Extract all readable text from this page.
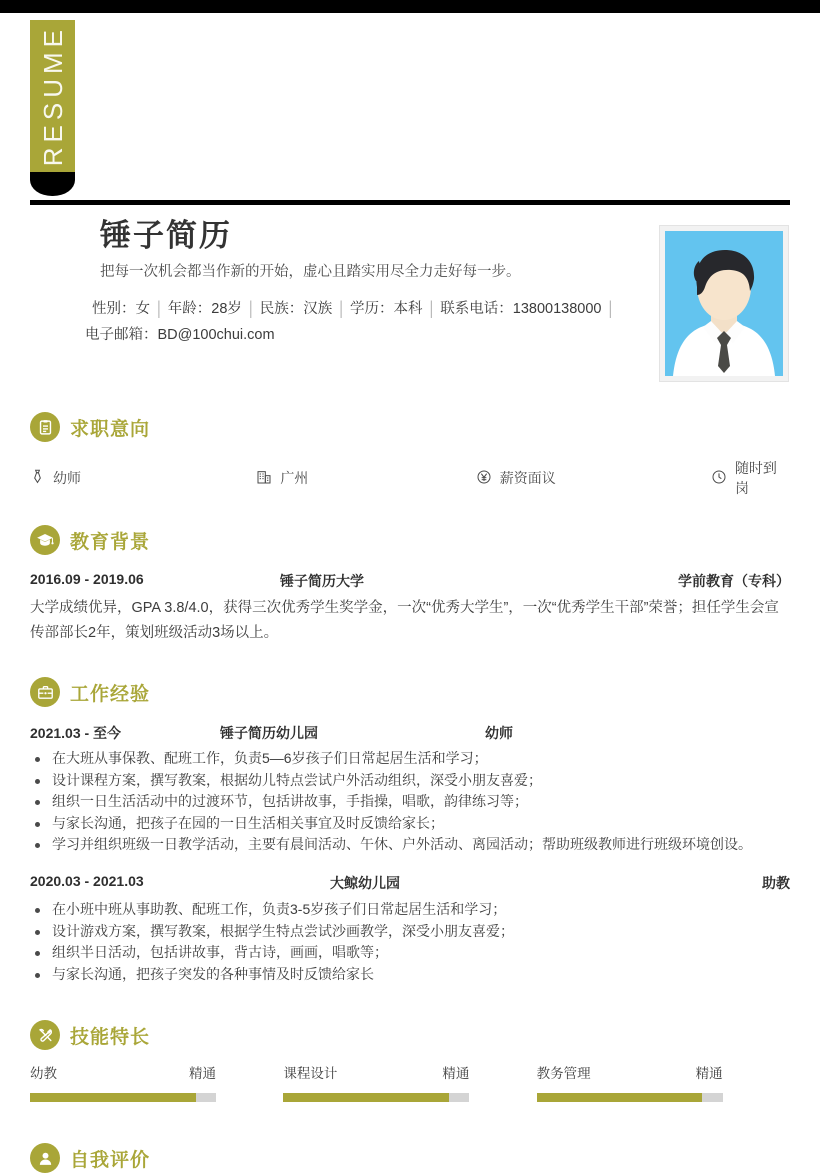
RESUME
锤子简历
把每一次机会都当作新的开始，虚心且踏实用尽全力走好每一步。
性别：女 | 年龄：28岁 | 民族：汉族 | 学历：本科 | 联系电话：13800138000 |
电子邮箱：BD@100chui.com
求职意向
幼师	广州	薪资面议
随时到岗
教育背景
2016.09 - 2019.06	锤子简历大学	学前教育（专科）
大学成绩优异，GPA 3.8/4.0，获得三次优秀学生奖学金，一次“优秀大学生”，一次“优秀学生干部”荣誉；担任学生会宣传部部长2年，策划班级活动3场以上。
工作经验
2021.03 - 至今	锤子简历幼儿园	幼师
在大班从事保教、配班工作，负责5—6岁孩子们日常起居生活和学习；
设计课程方案，撰写教案，根据幼儿特点尝试户外活动组织，深受小朋友喜爱；
组织一日生活活动中的过渡环节，包括讲故事，手指操，唱歌，韵律练习等；
与家长沟通，把孩子在园的一日生活相关事宜及时反馈给家长；
学习并组织班级一日教学活动，主要有晨间活动、午休、户外活动、离园活动；帮助班级教师进行班级环境创设。
2020.03 - 2021.03	大鲸幼儿园	助教
在小班中班从事助教、配班工作，负责3-5岁孩子们日常起居生活和学习；
设计游戏方案，撰写教案，根据学生特点尝试沙画教学，深受小朋友喜爱；
组织半日活动，包括讲故事，背古诗，画画，唱歌等；
与家长沟通，把孩子突发的各种事情及时反馈给家长
技能特长
幼教	精通	课程设计	精通	教务管理	精通
自我评价
